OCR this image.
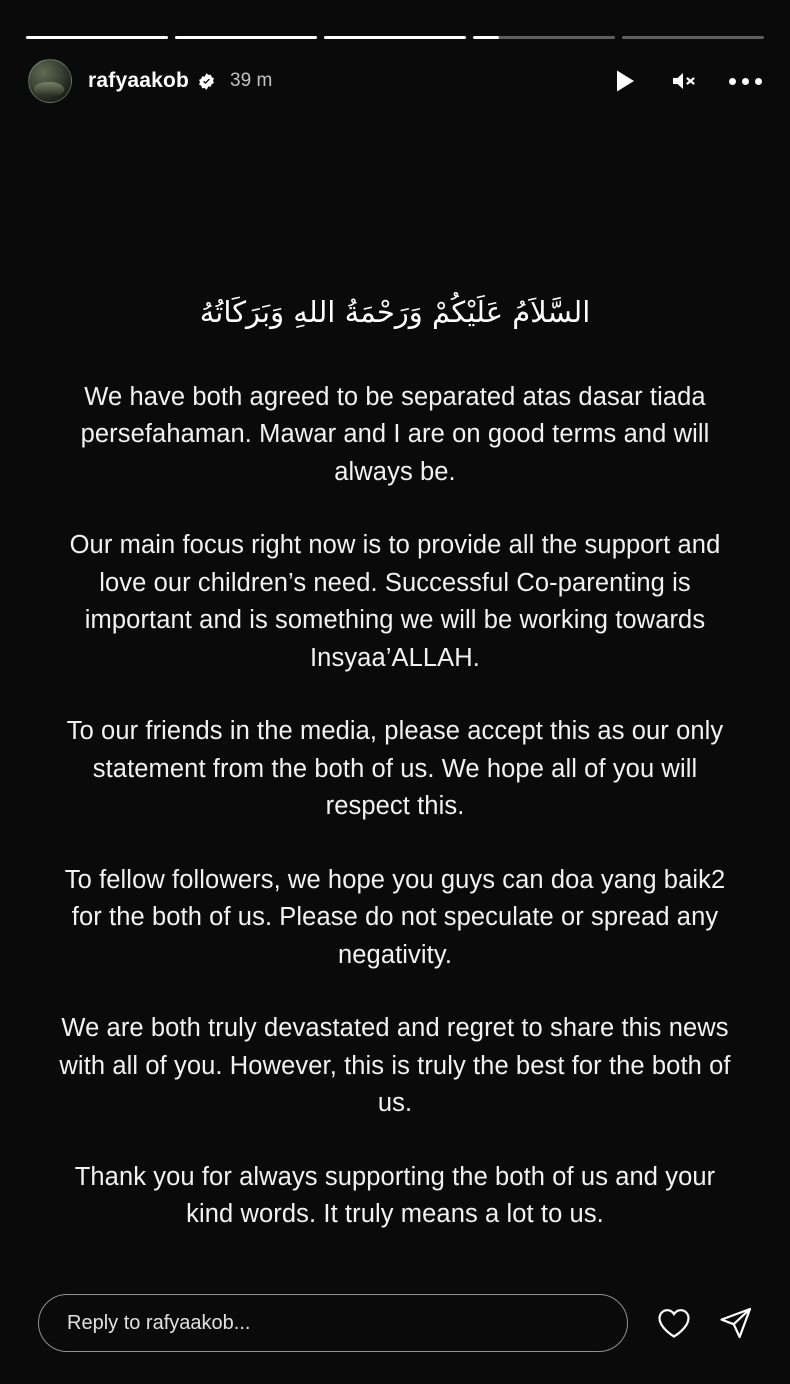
rafyaakob 39 m
السَّلاَمُ عَلَيْكُمْ وَرَحْمَةُ اللهِ وَبَرَكَاتُهُ

We have both agreed to be separated atas dasar tiada persefahaman. Mawar and I are on good terms and will always be.

Our main focus right now is to provide all the support and love our children’s need. Successful Co-parenting is important and is something we will be working towards Insyaa’ALLAH.

To our friends in the media, please accept this as our only statement from the both of us. We hope all of you will respect this.

To fellow followers, we hope you guys can doa yang baik2 for the both of us. Please do not speculate or spread any negativity.

We are both truly devastated and regret to share this news with all of you. However, this is truly the best for the both of us.

Thank you for always supporting the both of us and your kind words. It truly means a lot to us.

Reply to rafyaakob...
